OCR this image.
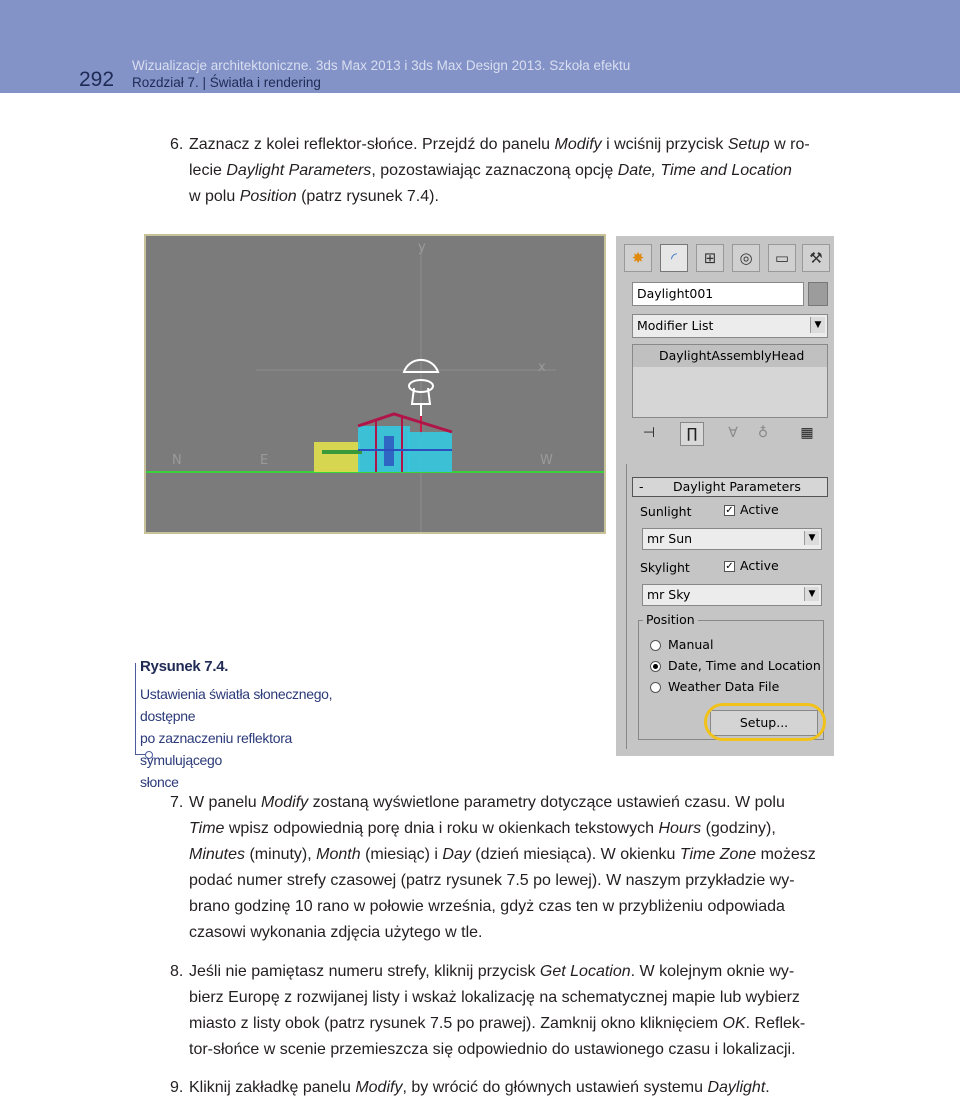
292
Wizualizacje architektoniczne. 3ds Max 2013 i 3ds Max Design 2013. Szkoła efektu
Rozdział 7. | Światła i rendering
6. Zaznacz z kolei reflektor-słońce. Przejdź do panelu Modify i wciśnij przycisk Setup w ro-
lecie Daylight Parameters, pozostawiając zaznaczoną opcję Date, Time and Location
w polu Position (patrz rysunek 7.4).
y
x
N	E	W
Rysunek 7.4.
Ustawienia światła słonecznego, dostępne
po zaznaczeniu reflektora symulującego
słonce
✸ ◜ ⊞ ◎ ▭ ⚒
Daylight001
Modifier List	▼
DaylightAssemblyHead
⊣	∏	∀	♁	▦
- Daylight Parameters
Sunlight	✓ Active
mr Sun	▼
Skylight	✓ Active
mr Sky	▼
Position
Manual
Date, Time and Location
Weather Data File
Setup...
7. W panelu Modify zostaną wyświetlone parametry dotyczące ustawień czasu. W polu
Time wpisz odpowiednią porę dnia i roku w okienkach tekstowych Hours (godziny),
Minutes (minuty), Month (miesiąc) i Day (dzień miesiąca). W okienku Time Zone możesz
podać numer strefy czasowej (patrz rysunek 7.5 po lewej). W naszym przykładzie wy-
brano godzinę 10 rano w połowie września, gdyż czas ten w przybliżeniu odpowiada
czasowi wykonania zdjęcia użytego w tle.
8. Jeśli nie pamiętasz numeru strefy, kliknij przycisk Get Location. W kolejnym oknie wy-
bierz Europę z rozwijanej listy i wskaż lokalizację na schematycznej mapie lub wybierz
miasto z listy obok (patrz rysunek 7.5 po prawej). Zamknij okno kliknięciem OK. Reflek-
tor-słońce w scenie przemieszcza się odpowiednio do ustawionego czasu i lokalizacji.
9. Kliknij zakładkę panelu Modify, by wrócić do głównych ustawień systemu Daylight.
